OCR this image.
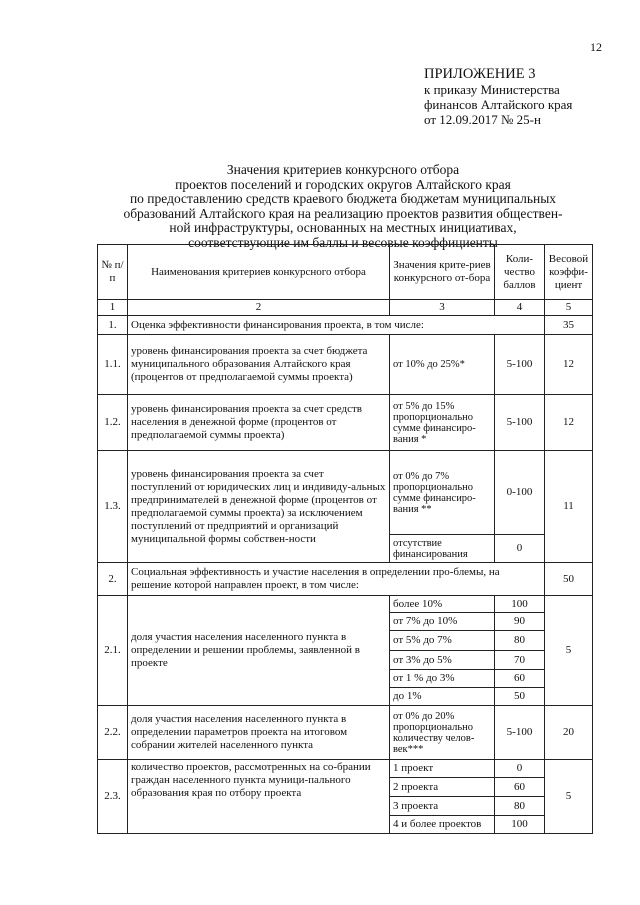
12
ПРИЛОЖЕНИЕ 3
к приказу Министерства
финансов Алтайского края
от 12.09.2017 № 25-н
Значения критериев конкурсного отбора
проектов поселений и городских округов Алтайского края
по предоставлению средств краевого бюджета бюджетам муниципальных
образований Алтайского края на реализацию проектов развития обществен-
ной инфраструктуры, основанных на местных инициативах,
соответствующие им баллы и весовые коэффициенты
№ п/п	Наименования критериев конкурсного отбора	Значения крите-риев конкурсного от-бора	Коли-чество баллов	Весовой коэффи-циент
1	2	3	4	5
1.	Оценка эффективности финансирования проекта, в том числе:			35
1.1.	уровень финансирования проекта за счет бюджета муниципального образования Алтайского края (процентов от предполагаемой суммы проекта)	от 10% до 25%*	5-100	12
1.2.	уровень финансирования проекта за счет средств населения в денежной форме (процентов от предполагаемой суммы проекта)	от 5% до 15% пропорционально сумме финансиро-вания *	5-100	12
1.3.	уровень финансирования проекта за счет поступлений от юридических лиц и индивиду-альных предпринимателей в денежной форме (процентов от предполагаемой суммы проекта) за исключением поступлений от предприятий и организаций муниципальной формы собствен-ности	от 0% до 7% пропорционально сумме финансиро-вания **	0-100	11
		отсутствие финансирования	0	
2.	Социальная эффективность и участие населения в определении про-блемы, на решение которой направлен проект, в том числе:			50
2.1.	доля участия населения населенного пункта в определении и решении проблемы, заявленной в проекте	более 10%	100	5
		от 7% до 10%	90	
		от 5% до 7%	80	
		от 3% до 5%	70	
		от 1 % до 3%	60	
		до 1%	50	
2.2.	доля участия населения населенного пункта в определении параметров проекта на итоговом собрании жителей населенного пункта	от 0% до 20% пропорционально количеству челов-век***	5-100	20
2.3.	количество проектов, рассмотренных на со-брании граждан населенного пункта муници-пального образования края по отбору проекта	1 проект	0	5
		2 проекта	60	
		3 проекта	80	
		4 и более проектов	100	
